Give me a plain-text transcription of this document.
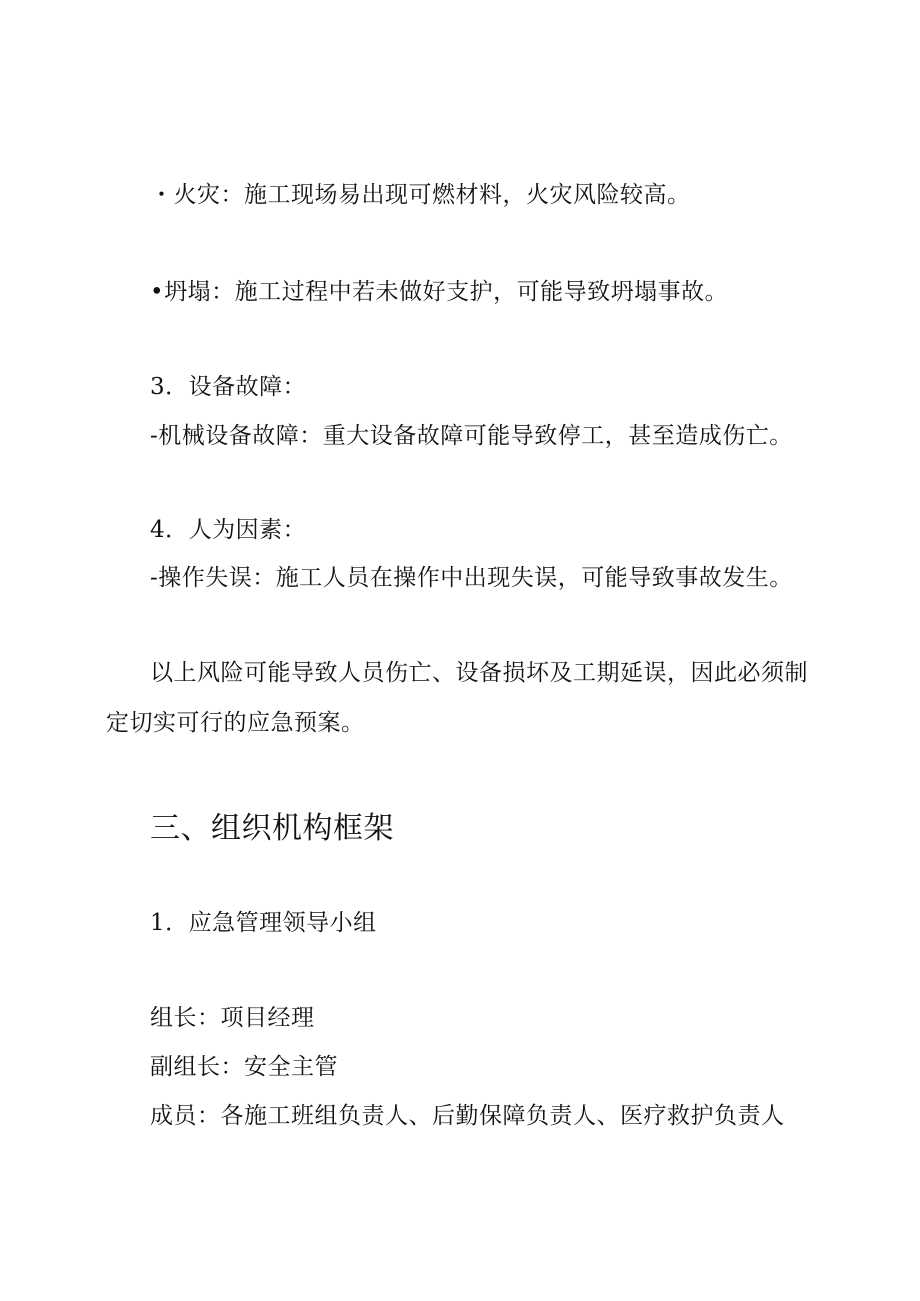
・火灾：施工现场易出现可燃材料，火灾风险较高。
•坍塌：施工过程中若未做好支护，可能导致坍塌事故。
3．设备故障：
-机械设备故障：重大设备故障可能导致停工，甚至造成伤亡。
4．人为因素：
-操作失误：施工人员在操作中出现失误，可能导致事故发生。
以上风险可能导致人员伤亡、设备损坏及工期延误，因此必须制
定切实可行的应急预案。
三、组织机构框架
1．应急管理领导小组
组长：项目经理
副组长：安全主管
成员：各施工班组负责人、后勤保障负责人、医疗救护负责人
